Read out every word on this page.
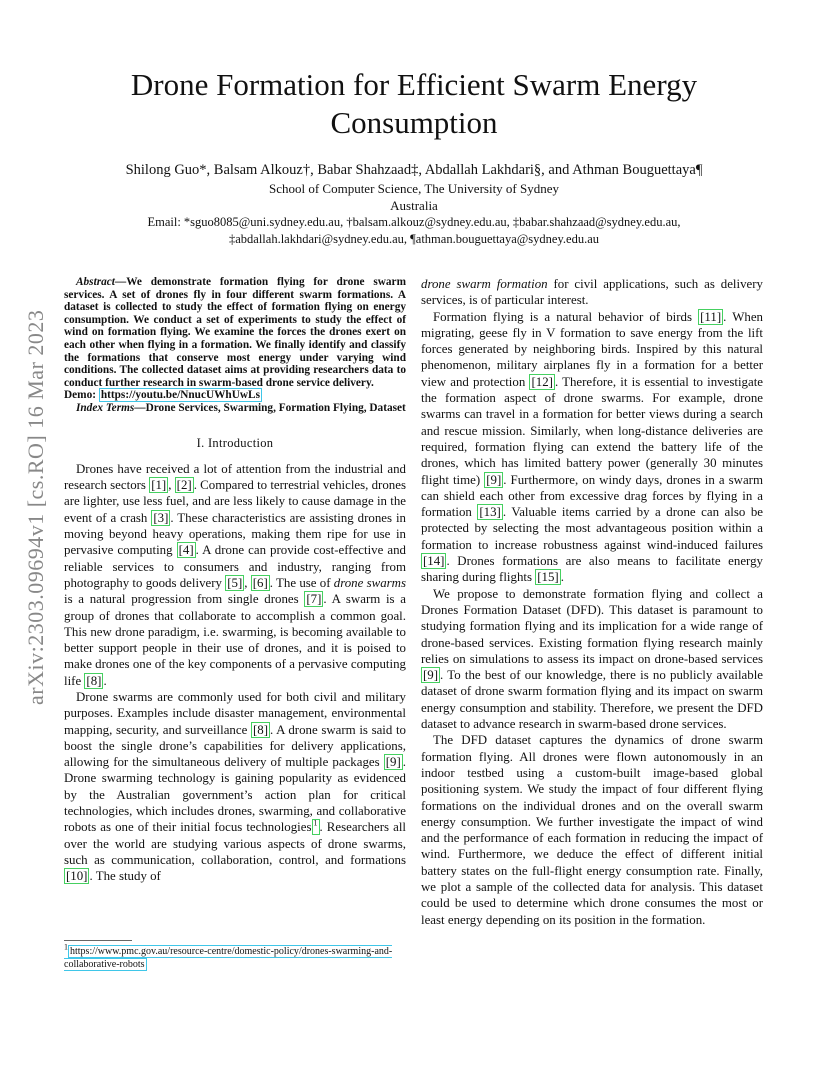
arXiv:2303.09694v1 [cs.RO] 16 Mar 2023
Drone Formation for Efficient Swarm Energy Consumption
Shilong Guo*, Balsam Alkouz†, Babar Shahzaad‡, Abdallah Lakhdari§, and Athman Bouguettaya¶
School of Computer Science, The University of Sydney
Australia
Email: *sguo8085@uni.sydney.edu.au, †balsam.alkouz@sydney.edu.au, ‡babar.shahzaad@sydney.edu.au,
‡abdallah.lakhdari@sydney.edu.au, ¶athman.bouguettaya@sydney.edu.au

Abstract—We demonstrate formation flying for drone swarm services. A set of drones fly in four different swarm formations. A dataset is collected to study the effect of formation flying on energy consumption. We conduct a set of experiments to study the effect of wind on formation flying. We examine the forces the drones exert on each other when flying in a formation. We finally identify and classify the formations that conserve most energy under varying wind conditions. The collected dataset aims at providing researchers data to conduct further research in swarm-based drone service delivery.

Demo: https://youtu.be/NnucUWhUwLs

Index Terms—Drone Services, Swarming, Formation Flying, Dataset

I. Introduction

Drones have received a lot of attention from the industrial and research sectors [1] , [2] . Compared to terrestrial vehicles, drones are lighter, use less fuel, and are less likely to cause damage in the event of a crash [3] . These characteristics are assisting drones in moving beyond heavy operations, making them ripe for use in pervasive computing [4] . A drone can provide cost-effective and reliable services to consumers and industry, ranging from photography to goods delivery [5] , [6] . The use of drone swarms is a natural progression from single drones [7] . A swarm is a group of drones that collaborate to accomplish a common goal. This new drone paradigm, i.e. swarming, is becoming available to better support people in their use of drones, and it is poised to make drones one of the key components of a pervasive computing life [8] .

Drone swarms are commonly used for both civil and military purposes. Examples include disaster management, environmental mapping, security, and surveillance [8] . A drone swarm is said to boost the single drone’s capabilities for delivery applications, allowing for the simultaneous delivery of multiple packages [9] . Drone swarming technology is gaining popularity as evidenced by the Australian government’s action plan for critical technologies, which includes drones, swarming, and collaborative robots as one of their initial focus technologies $^1$ . Researchers all over the world are studying various aspects of drone swarms, such as communication, collaboration, control, and formations [10] . The study of

$^1$ https://www.pmc.gov.au/resource-centre/domestic-policy/drones-swarming-and-collaborative-robots

drone swarm formation for civil applications, such as delivery services, is of particular interest.

Formation flying is a natural behavior of birds [11] . When migrating, geese fly in V formation to save energy from the lift forces generated by neighboring birds. Inspired by this natural phenomenon, military airplanes fly in a formation for a better view and protection [12] . Therefore, it is essential to investigate the formation aspect of drone swarms. For example, drone swarms can travel in a formation for better views during a search and rescue mission. Similarly, when long-distance deliveries are required, formation flying can extend the battery life of the drones, which has limited battery power (generally 30 minutes flight time) [9] . Furthermore, on windy days, drones in a swarm can shield each other from excessive drag forces by flying in a formation [13] . Valuable items carried by a drone can also be protected by selecting the most advantageous position within a formation to increase robustness against wind-induced failures [14] . Drones formations are also means to facilitate energy sharing during flights [15] .

We propose to demonstrate formation flying and collect a Drones Formation Dataset (DFD). This dataset is paramount to studying formation flying and its implication for a wide range of drone-based services. Existing formation flying research mainly relies on simulations to assess its impact on drone-based services [9] . To the best of our knowledge, there is no publicly available dataset of drone swarm formation flying and its impact on swarm energy consumption and stability. Therefore, we present the DFD dataset to advance research in swarm-based drone services.

The DFD dataset captures the dynamics of drone swarm formation flying. All drones were flown autonomously in an indoor testbed using a custom-built image-based global positioning system. We study the impact of four different flying formations on the individual drones and on the overall swarm energy consumption. We further investigate the impact of wind and the performance of each formation in reducing the impact of wind. Furthermore, we deduce the effect of different initial battery states on the full-flight energy consumption rate. Finally, we plot a sample of the collected data for analysis. This dataset could be used to determine which drone consumes the most or least energy depending on its position in the formation.
